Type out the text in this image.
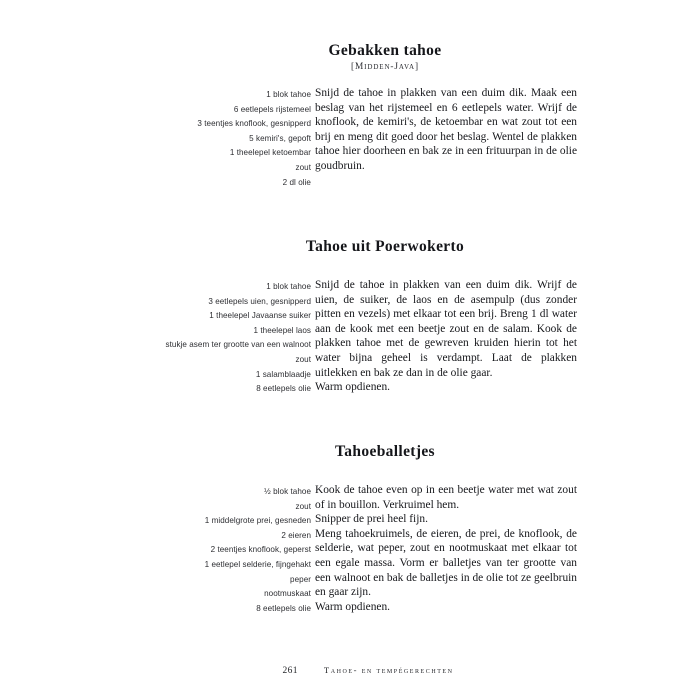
Gebakken tahoe
[Midden-Java]
1 blok tahoe
6 eetlepels rijstemeel
3 teentjes knoflook, gesnipperd
5 kemiri's, gepoft
1 theelepel ketoembar
zout
2 dl olie

Snijd de tahoe in plakken van een duim dik. Maak een beslag van het rijstemeel en 6 eetlepels water. Wrijf de knoflook, de kemiri's, de ketoembar en wat zout tot een brij en meng dit goed door het beslag. Wentel de plakken tahoe hier doorheen en bak ze in een frituurpan in de olie goudbruin.

Tahoe uit Poerwokerto
1 blok tahoe
3 eetlepels uien, gesnipperd
1 theelepel Javaanse suiker
1 theelepel laos
stukje asem ter grootte van een walnoot
zout
1 salamblaadje
8 eetlepels olie

Snijd de tahoe in plakken van een duim dik. Wrijf de uien, de suiker, de laos en de asempulp (dus zonder pitten en vezels) met elkaar tot een brij. Breng 1 dl water aan de kook met een beetje zout en de salam. Kook de plakken tahoe met de gewreven kruiden hierin tot het water bijna geheel is verdampt. Laat de plakken uitlekken en bak ze dan in de olie gaar.

Warm opdienen.

Tahoeballetjes
½ blok tahoe
zout
1 middelgrote prei, gesneden
2 eieren
2 teentjes knoflook, geperst
1 eetlepel selderie, fijngehakt
peper
nootmuskaat
8 eetlepels olie

Kook de tahoe even op in een beetje water met wat zout of in bouillon. Verkruimel hem.

Snipper de prei heel fijn.

Meng tahoekruimels, de eieren, de prei, de knoflook, de selderie, wat peper, zout en nootmuskaat met elkaar tot een egale massa. Vorm er balletjes van ter grootte van een walnoot en bak de balletjes in de olie tot ze geelbruin en gaar zijn.

Warm opdienen.

261	Tahoe- en tempégerechten
